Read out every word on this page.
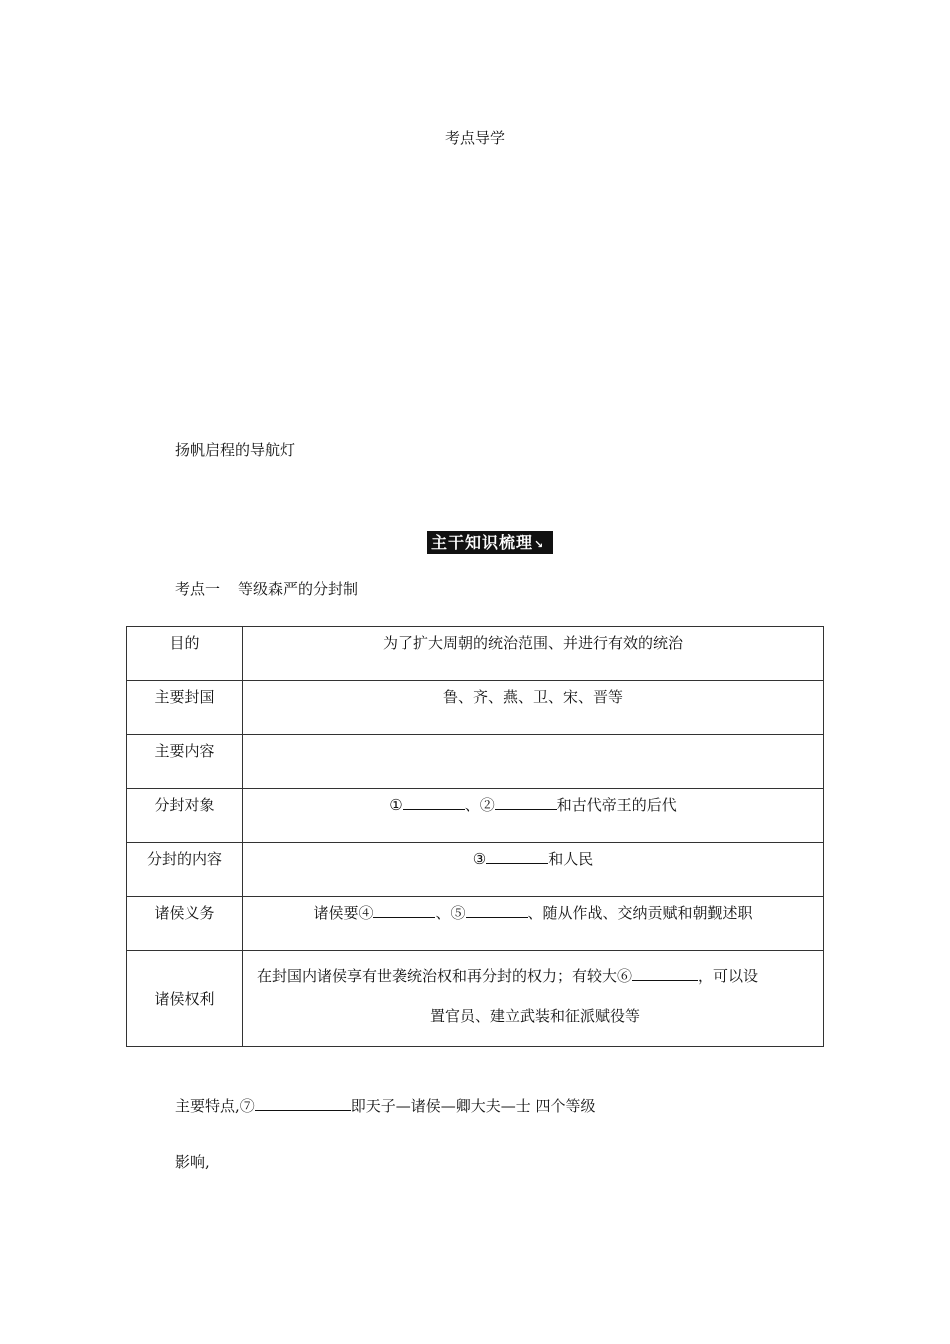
考点导学
扬帆启程的导航灯
主干知识梳理↘
考点一 等级森严的分封制
目的	为了扩大周朝的统治范围、并进行有效的统治
主要封国	鲁、齐、燕、卫、宋、晋等
主要内容	
分封对象	① 、② 和古代帝王的后代
分封的内容	③ 和人民
诸侯义务	诸侯要④ 、⑤ 、随从作战、交纳贡赋和朝觐述职
诸侯权利	在封国内诸侯享有世袭统治权和再分封的权力；有较大⑥ ，可以设
置官员、建立武装和征派赋役等
主要特点,⑦	即天子—诸侯—卿大夫—士 四个等级
影响,
